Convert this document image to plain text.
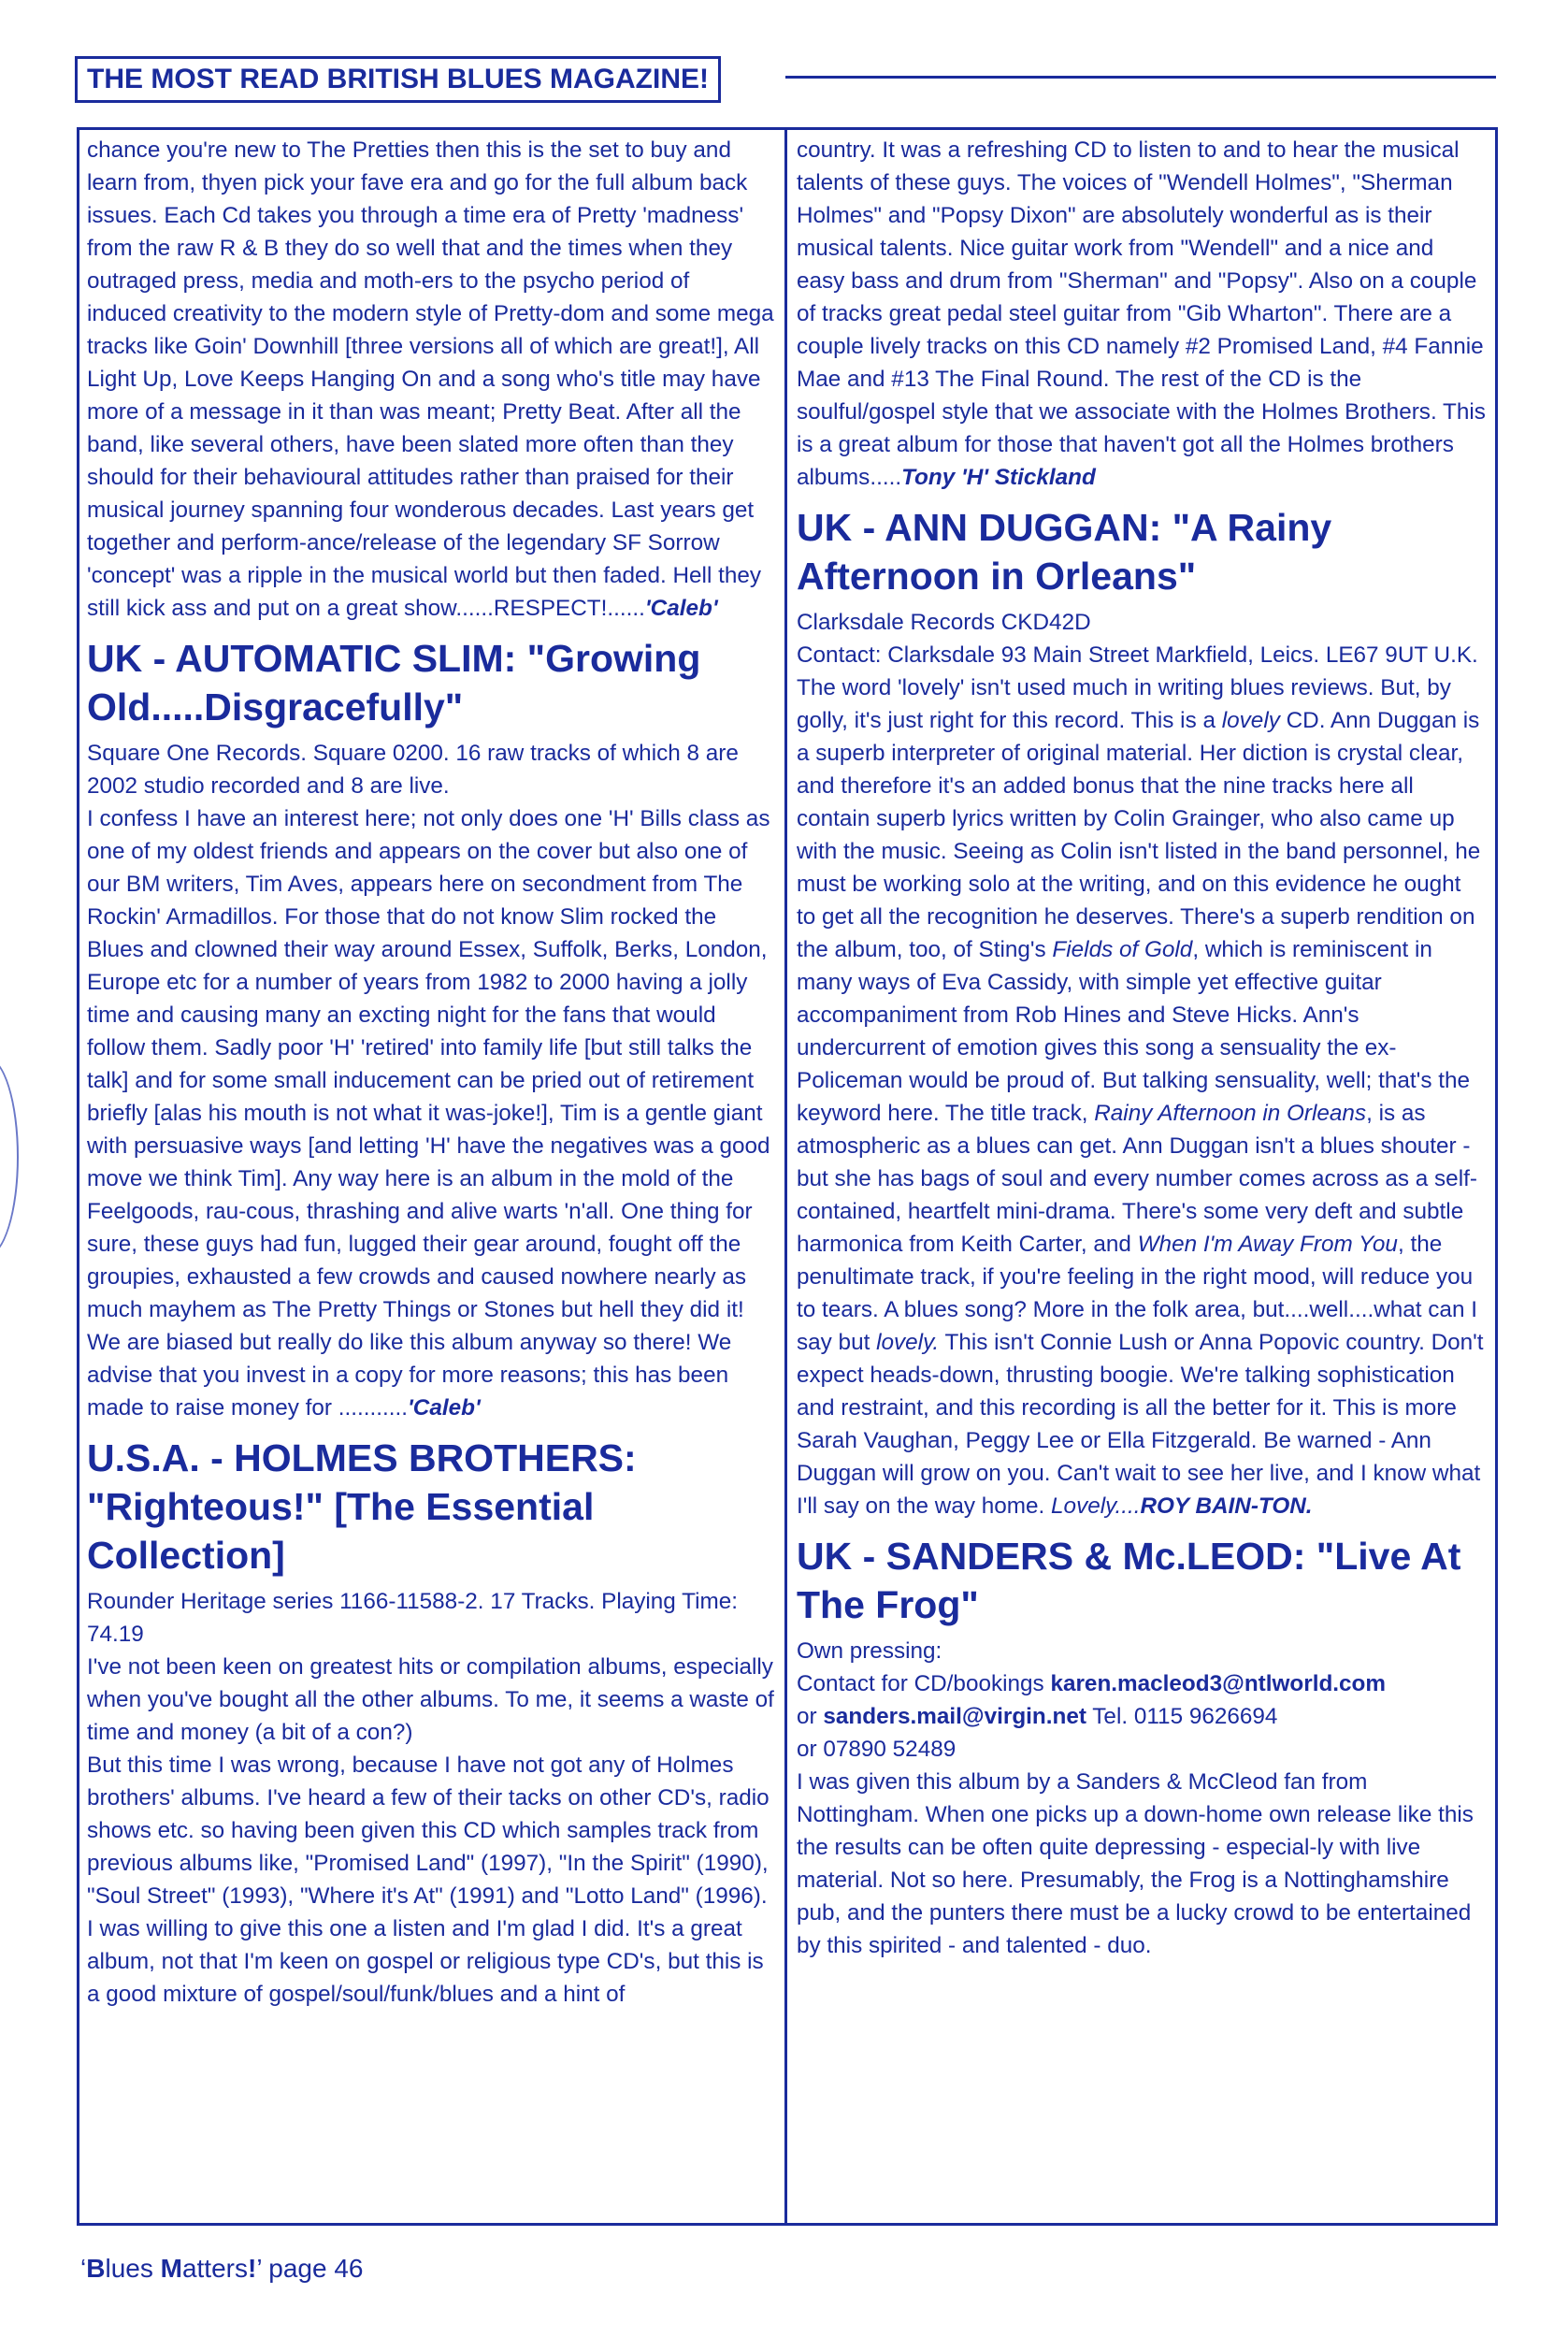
THE MOST READ BRITISH BLUES MAGAZINE!

chance you're new to The Pretties then this is the set to buy and learn from, thyen pick your fave era and go for the full album back issues. Each Cd takes you through a time era of Pretty 'madness' from the raw R & B they do so well that and the times when they outraged press, media and moth-ers to the psycho period of induced creativity to the modern style of Pretty-dom and some mega tracks like Goin' Downhill [three versions all of which are great!], All Light Up, Love Keeps Hanging On and a song who's title may have more of a message in it than was meant; Pretty Beat. After all the band, like several others, have been slated more often than they should for their behavioural attitudes rather than praised for their musical journey spanning four wonderous decades. Last years get together and perform-ance/release of the legendary SF Sorrow 'concept' was a ripple in the musical world but then faded. Hell they still kick ass and put on a great show......RESPECT!......'Caleb'

UK - AUTOMATIC SLIM: "Growing Old.....Disgracefully"

Square One Records. Square 0200. 16 raw tracks of which 8 are 2002 studio recorded and 8 are live.

I confess I have an interest here; not only does one 'H' Bills class as one of my oldest friends and appears on the cover but also one of our BM writers, Tim Aves, appears here on secondment from The Rockin' Armadillos. For those that do not know Slim rocked the Blues and clowned their way around Essex, Suffolk, Berks, London, Europe etc for a number of years from 1982 to 2000 having a jolly time and causing many an excting night for the fans that would follow them. Sadly poor 'H' 'retired' into family life [but still talks the talk] and for some small inducement can be pried out of retirement briefly [alas his mouth is not what it was-joke!], Tim is a gentle giant with persuasive ways [and letting 'H' have the negatives was a good move we think Tim]. Any way here is an album in the mold of the Feelgoods, rau-cous, thrashing and alive warts 'n'all. One thing for sure, these guys had fun, lugged their gear around, fought off the groupies, exhausted a few crowds and caused nowhere nearly as much mayhem as The Pretty Things or Stones but hell they did it! We are biased but really do like this album anyway so there! We advise that you invest in a copy for more reasons; this has been made to raise money for ...........'Caleb'

U.S.A. - HOLMES BROTHERS: "Righteous!" [The Essential Collection]

Rounder Heritage series 1166-11588-2. 17 Tracks. Playing Time: 74.19

I've not been keen on greatest hits or compilation albums, especially when you've bought all the other albums. To me, it seems a waste of time and money (a bit of a con?)

But this time I was wrong, because I have not got any of Holmes brothers' albums. I've heard a few of their tacks on other CD's, radio shows etc. so having been given this CD which samples track from previous albums like, "Promised Land" (1997), "In the Spirit" (1990), "Soul Street" (1993), "Where it's At" (1991) and "Lotto Land" (1996). I was willing to give this one a listen and I'm glad I did. It's a great album, not that I'm keen on gospel or religious type CD's, but this is a good mixture of gospel/soul/funk/blues and a hint of

country. It was a refreshing CD to listen to and to hear the musical talents of these guys. The voices of "Wendell Holmes", "Sherman Holmes" and "Popsy Dixon" are absolutely wonderful as is their musical talents. Nice guitar work from "Wendell" and a nice and easy bass and drum from "Sherman" and "Popsy". Also on a couple of tracks great pedal steel guitar from "Gib Wharton". There are a couple lively tracks on this CD namely #2 Promised Land, #4 Fannie Mae and #13 The Final Round. The rest of the CD is the soulful/gospel style that we associate with the Holmes Brothers. This is a great album for those that haven't got all the Holmes brothers albums.....Tony 'H' Stickland

UK - ANN DUGGAN: "A Rainy Afternoon in Orleans"

Clarksdale Records CKD42D

Contact: Clarksdale 93 Main Street Markfield, Leics. LE67 9UT U.K. The word 'lovely' isn't used much in writing blues reviews. But, by golly, it's just right for this record. This is a lovely CD. Ann Duggan is a superb interpreter of original material. Her diction is crystal clear, and therefore it's an added bonus that the nine tracks here all contain superb lyrics written by Colin Grainger, who also came up with the music. Seeing as Colin isn't listed in the band personnel, he must be working solo at the writing, and on this evidence he ought to get all the recognition he deserves. There's a superb rendition on the album, too, of Sting's Fields of Gold, which is reminiscent in many ways of Eva Cassidy, with simple yet effective guitar accompaniment from Rob Hines and Steve Hicks. Ann's undercurrent of emotion gives this song a sensuality the ex-Policeman would be proud of. But talking sensuality, well; that's the keyword here. The title track, Rainy Afternoon in Orleans, is as atmospheric as a blues can get. Ann Duggan isn't a blues shouter - but she has bags of soul and every number comes across as a self-contained, heartfelt mini-drama. There's some very deft and subtle harmonica from Keith Carter, and When I'm Away From You, the penultimate track, if you're feeling in the right mood, will reduce you to tears. A blues song? More in the folk area, but....well....what can I say but lovely. This isn't Connie Lush or Anna Popovic country. Don't expect heads-down, thrusting boogie. We're talking sophistication and restraint, and this recording is all the better for it. This is more Sarah Vaughan, Peggy Lee or Ella Fitzgerald. Be warned - Ann Duggan will grow on you. Can't wait to see her live, and I know what I'll say on the way home. Lovely....ROY BAIN-TON.

UK - SANDERS & Mc.LEOD: "Live At The Frog"

Own pressing:

Contact for CD/bookings karen.macleod3@ntlworld.com

or sanders.mail@virgin.net Tel. 0115 9626694

or 07890 52489

I was given this album by a Sanders & McCleod fan from Nottingham. When one picks up a down-home own release like this the results can be often quite depressing - especial-ly with live material. Not so here. Presumably, the Frog is a Nottinghamshire pub, and the punters there must be a lucky crowd to be entertained by this spirited - and talented - duo.

‘Blues Matters!’ page 46
